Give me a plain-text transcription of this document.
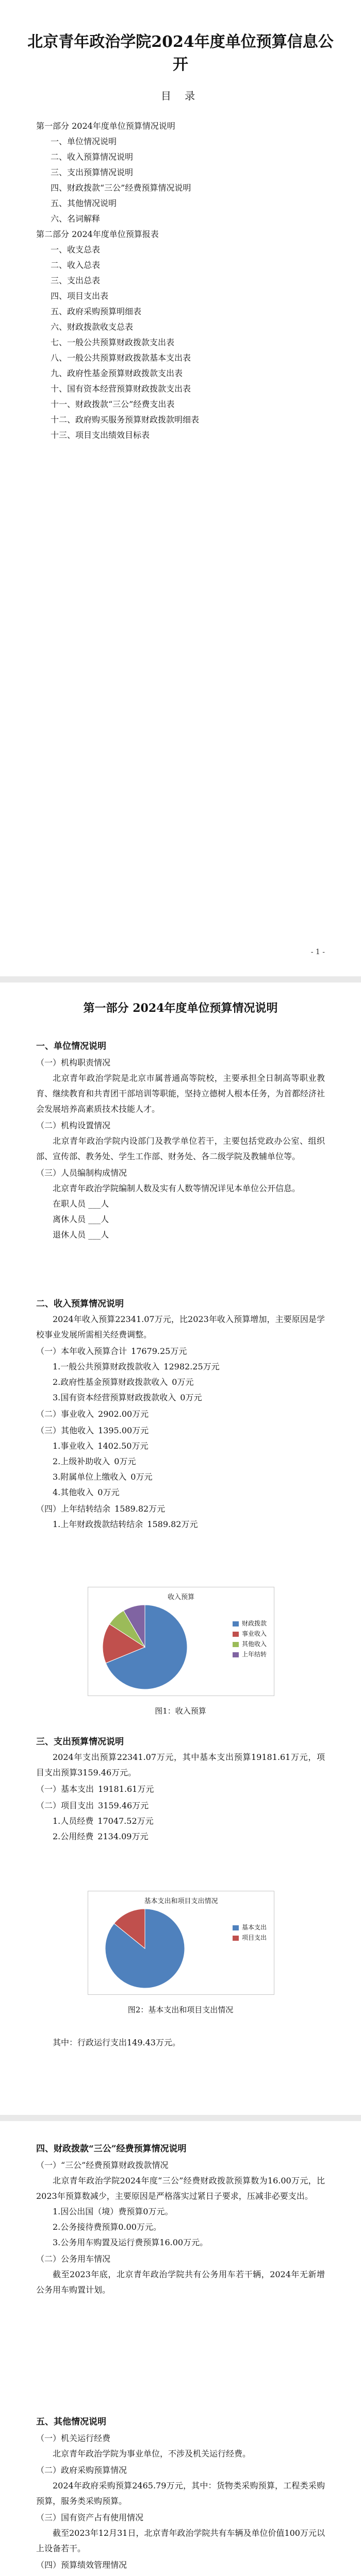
北京青年政治学院2024年度单位预算信息公开
目 录
第一部分 2024年度单位预算情况说明
一、单位情况说明
二、收入预算情况说明
三、支出预算情况说明
四、财政拨款“三公”经费预算情况说明
五、其他情况说明
六、名词解释
第二部分 2024年度单位预算报表
一、收支总表
二、收入总表
三、支出总表
四、项目支出表
五、政府采购预算明细表
六、财政拨款收支总表
七、一般公共预算财政拨款支出表
八、一般公共预算财政拨款基本支出表
九、政府性基金预算财政拨款支出表
十、国有资本经营预算财政拨款支出表
十一、财政拨款“三公”经费支出表
十二、政府购买服务预算财政拨款明细表
十三、项目支出绩效目标表
- 1 -
第一部分 2024年度单位预算情况说明

一、单位情况说明

（一）机构职责情况

北京青年政治学院是北京市属普通高等院校，主要承担全日制高等职业教育、继续教育和共青团干部培训等职能，坚持立德树人根本任务，为首都经济社会发展培养高素质技术技能人才。

（二）机构设置情况

北京青年政治学院内设部门及教学单位若干，主要包括党政办公室、组织部、宣传部、教务处、学生工作部、财务处、各二级学院及教辅单位等。

（三）人员编制构成情况

北京青年政治学院编制人数及实有人数等情况详见本单位公开信息。

在职人员 ___人

离休人员 ___人

退休人员 ___人

二、收入预算情况说明

2024年收入预算22341.07万元，比2023年收入预算增加，主要原因是学校事业发展所需相关经费调整。

（一）本年收入预算合计 17679.25万元

1.一般公共预算财政拨款收入 12982.25万元

2.政府性基金预算财政拨款收入 0万元

3.国有资本经营预算财政拨款收入 0万元

（二）事业收入 2902.00万元

（三）其他收入 1395.00万元

1.事业收入 1402.50万元

2.上级补助收入 0万元

3.附属单位上缴收入 0万元

4.其他收入 0万元

（四）上年结转结余 1589.82万元

1.上年财政拨款结转结余 1589.82万元

收入预算
财政拨款
事业收入
其他收入
上年结转
图1：收入预算

三、支出预算情况说明

2024年支出预算22341.07万元，其中基本支出预算19181.61万元，项目支出预算3159.46万元。

（一）基本支出 19181.61万元

（二）项目支出 3159.46万元

1.人员经费 17047.52万元

2.公用经费 2134.09万元

基本支出和项目支出情况
基本支出
项目支出
图2：基本支出和项目支出情况

其中：行政运行支出149.43万元。

四、财政拨款“三公”经费预算情况说明

（一）“三公”经费预算财政拨款情况

北京青年政治学院2024年度“三公”经费财政拨款预算数为16.00万元，比2023年预算数减少，主要原因是严格落实过紧日子要求，压减非必要支出。

1.因公出国（境）费预算0万元。

2.公务接待费预算0.00万元。

3.公务用车购置及运行费预算16.00万元。

（二）公务用车情况

截至2023年底，北京青年政治学院共有公务用车若干辆，2024年无新增公务用车购置计划。

五、其他情况说明

（一）机关运行经费

北京青年政治学院为事业单位，不涉及机关运行经费。

（二）政府采购预算情况

2024年政府采购预算2465.79万元，其中：货物类采购预算，工程类采购预算，服务类采购预算。

（三）国有资产占有使用情况

截至2023年12月31日，北京青年政治学院共有车辆及单位价值100万元以上设备若干。

（四）预算绩效管理情况
